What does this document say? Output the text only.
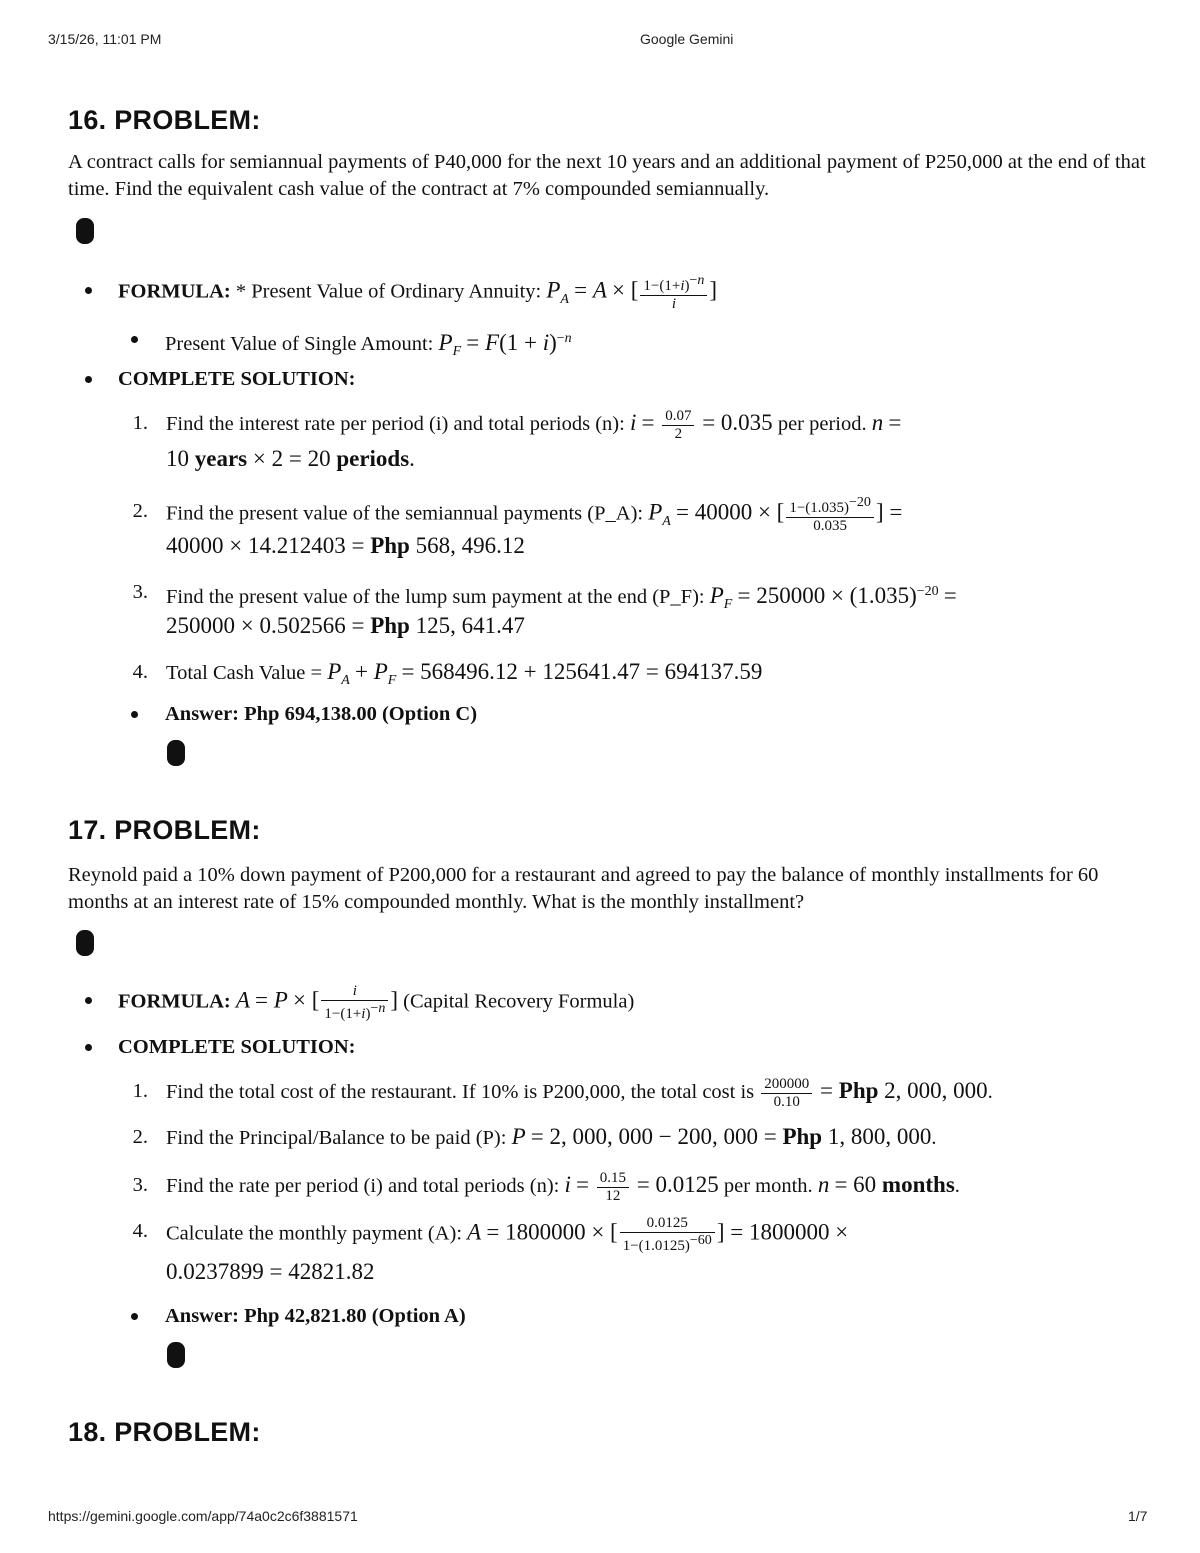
3/15/26, 11:01 PM	Google Gemini
https://gemini.google.com/app/74a0c2c6f3881571	1/7
16. PROBLEM:
A contract calls for semiannual payments of P40,000 for the next 10 years and an additional payment of P250,000 at the end of that time. Find the equivalent cash value of the contract at 7% compounded semiannually.
FORMULA: * Present Value of Ordinary Annuity: $P_A = A$ × [ $\frac{1-(1+i)^{-n}}{i}$ ]
Present Value of Single Amount: $P_F = F(1 + i)^{-n}$
COMPLETE SOLUTION:
1. Find the interest rate per period (i) and total periods (n): $i = \frac{0.07}{2} = 0.035$ per period. n =
10 years × 2 = 20 periods.
2. Find the present value of the semiannual payments (P_A): $P_A = 40000$ × [ $\frac{1-(1.035)^{-20}}{0.035}$ ] =
40000 × 14.212403 = Php 568, 496.12
3. Find the present value of the lump sum payment at the end (P_F): $P_F = 250000 \times (1.035)^{-20}$ =
250000 × 0.502566 = Php 125, 641.47
4. Total Cash Value = $P_A + P_F = 568496.12 + 125641.47 = 694137.59$
Answer: Php 694,138.00 (Option C)
17. PROBLEM:
Reynold paid a 10% down payment of P200,000 for a restaurant and agreed to pay the balance of monthly installments for 60 months at an interest rate of 15% compounded monthly. What is the monthly installment?
FORMULA: A = P × [ $\frac{i}{1-(1+i)^{-n}}$ ] (Capital Recovery Formula)
COMPLETE SOLUTION:
1. Find the total cost of the restaurant. If 10% is P200,000, the total cost is $\frac{200000}{0.10}$ = Php 2, 000, 000.
2. Find the Principal/Balance to be paid (P): P = 2, 000, 000 − 200, 000 = Php 1, 800, 000.
3. Find the rate per period (i) and total periods (n): $i = \frac{0.15}{12} = 0.0125$ per month. n = 60 months.
4. Calculate the monthly payment (A): A = 1800000 × [ $\frac{0.0125}{1-(1.0125)^{-60}}$ ] = 1800000 ×
0.0237899 = 42821.82
Answer: Php 42,821.80 (Option A)
18. PROBLEM:
